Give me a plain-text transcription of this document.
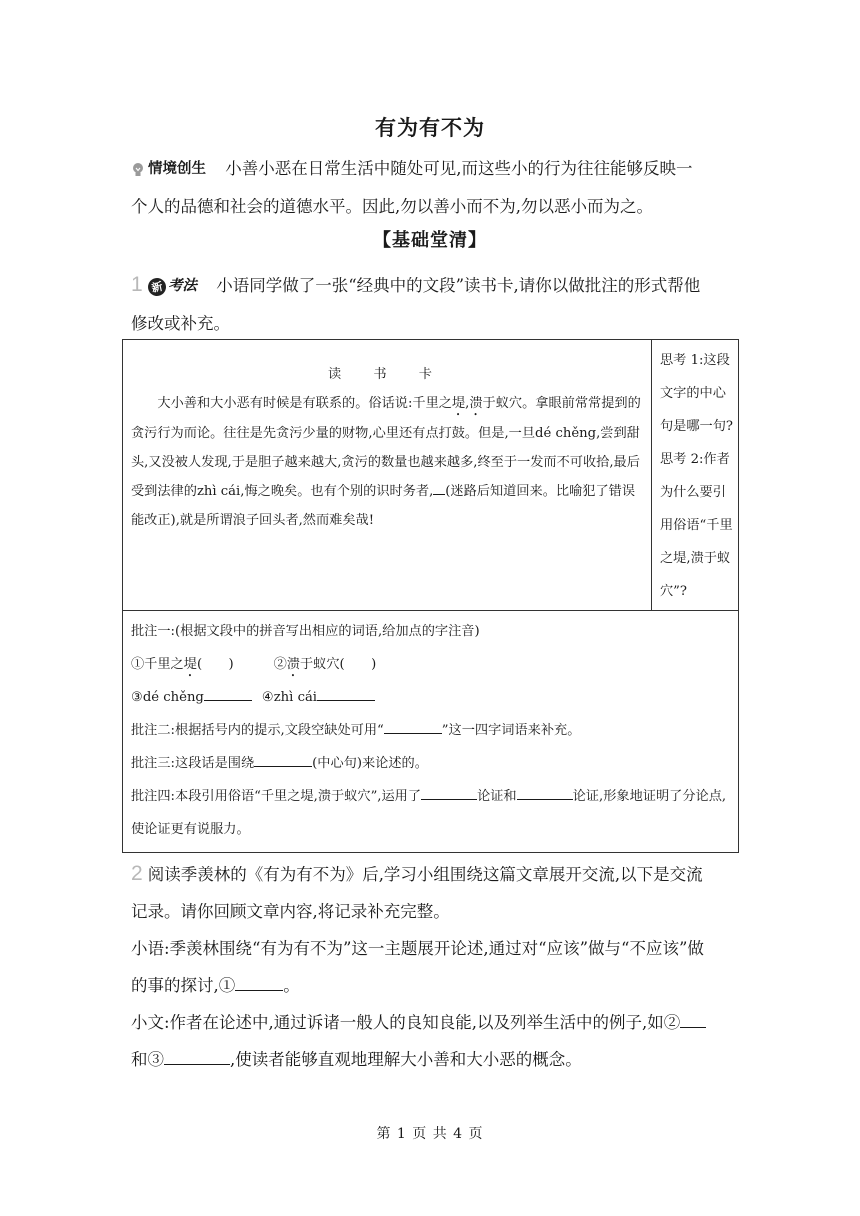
有为有不为
情境创生 小善小恶在日常生活中随处可见,而这些小的行为往往能够反映一
个人的品德和社会的道德水平。因此,勿以善小而不为,勿以恶小而为之。
【基础堂清】
1 新 考法 小语同学做了一张“经典中的文段”读书卡,请你以做批注的形式帮他
修改或补充。
读 书 卡
大小善和大小恶有时候是有联系的。俗话说:千里之堤,溃于蚁穴。拿眼前常常提到的贪污行为而论。往往是先贪污少量的财物,心里还有点打鼓。但是,一旦dé chěng,尝到甜头,又没被人发现,于是胆子越来越大,贪污的数量也越来越多,终至于一发而不可收拾,最后受到法律的zhì cái,悔之晚矣。也有个别的识时务者, (迷路后知道回来。比喻犯了错误能改正),就是所谓浪子回头者,然而难矣哉!

思考 1:这段文字的中心句是哪一句?
思考 2:作者为什么要引用俗语“千里之堤,溃于蚁穴”?

批注一:(根据文段中的拼音写出相应的词语,给加点的字注音)
①千里之堤(　　)	②溃于蚁穴(　　)
③dé chěng	④zhì cái
批注二:根据括号内的提示,文段空缺处可用“	”这一四字词语来补充。
批注三:这段话是围绕	(中心句)来论述的。
批注四:本段引用俗语“千里之堤,溃于蚁穴”,运用了	论证和	论证,形象地证明了分论点,使论证更有说服力。
2 阅读季羡林的《有为有不为》后,学习小组围绕这篇文章展开交流,以下是交流
记录。请你回顾文章内容,将记录补充完整。
小语:季羡林围绕“有为有不为”这一主题展开论述,通过对“应该”做与“不应该”做
的事的探讨,①	。
小文:作者在论述中,通过诉诸一般人的良知良能,以及列举生活中的例子,如②
和③	,使读者能够直观地理解大小善和大小恶的概念。
第 1 页 共 4 页
